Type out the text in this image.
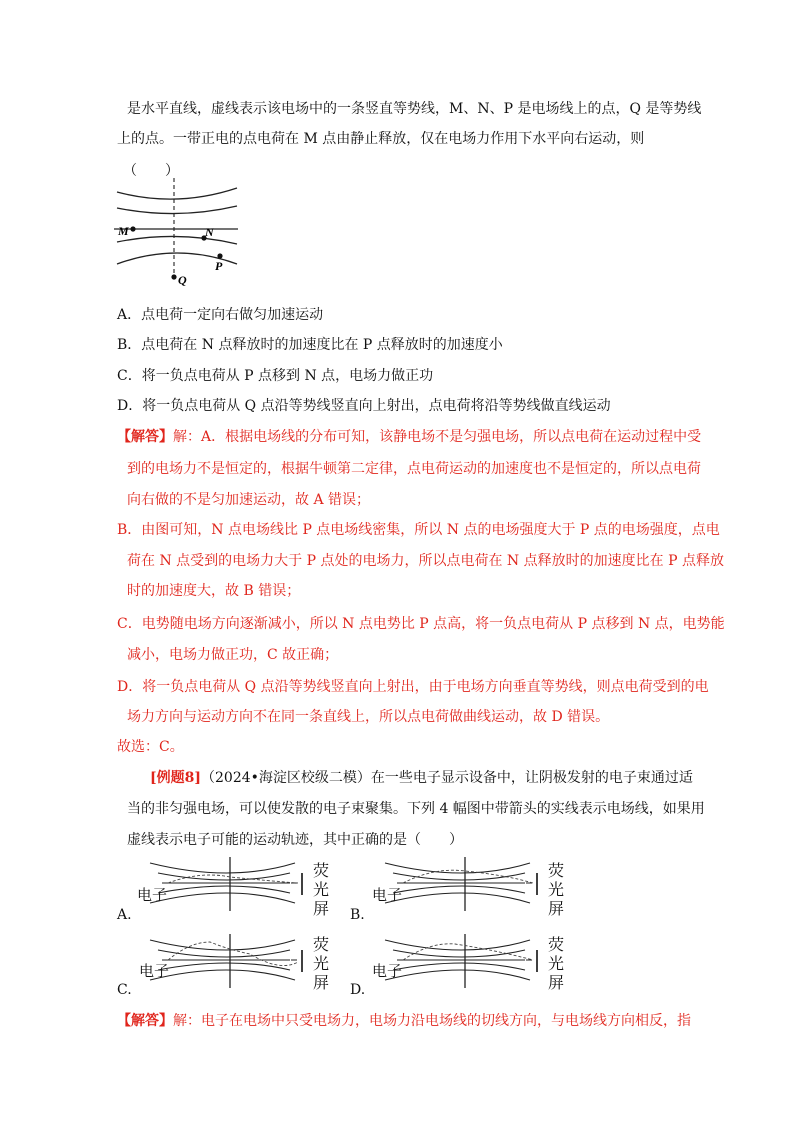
是水平直线，虚线表示该电场中的一条竖直等势线，M、N、P 是电场线上的点，Q 是等势线
上的点。一带正电的点电荷在 M 点由静止释放，仅在电场力作用下水平向右运动，则
（　　）
M	N
P
Q
A．点电荷一定向右做匀加速运动
B．点电荷在 N 点释放时的加速度比在 P 点释放时的加速度小
C．将一负点电荷从 P 点移到 N 点，电场力做正功
D．将一负点电荷从 Q 点沿等势线竖直向上射出，点电荷将沿等势线做直线运动
【解答】解：A．根据电场线的分布可知，该静电场不是匀强电场，所以点电荷在运动过程中受
到的电场力不是恒定的，根据牛顿第二定律，点电荷运动的加速度也不是恒定的，所以点电荷
向右做的不是匀加速运动，故 A 错误；
B．由图可知，N 点电场线比 P 点电场线密集，所以 N 点的电场强度大于 P 点的电场强度，点电
荷在 N 点受到的电场力大于 P 点处的电场力，所以点电荷在 N 点释放时的加速度比在 P 点释放
时的加速度大，故 B 错误；
C．电势随电场方向逐渐减小，所以 N 点电势比 P 点高，将一负点电荷从 P 点移到 N 点，电势能
减小，电场力做正功，C 故正确；
D．将一负点电荷从 Q 点沿等势线竖直向上射出，由于电场方向垂直等势线，则点电荷受到的电
场力方向与运动方向不在同一条直线上，所以点电荷做曲线运动，故 D 错误。
故选：C。
[例题8]（2024•海淀区校级二模）在一些电子显示设备中，让阴极发射的电子束通过适
当的非匀强电场，可以使发散的电子束聚集。下列 4 幅图中带箭头的实线表示电场线，如果用
虚线表示电子可能的运动轨迹，其中正确的是（　　）
电子
荧光屏
A.
电子
荧光屏
B.
电子
荧光屏
C.
电子
荧光屏
D.
【解答】解：电子在电场中只受电场力，电场力沿电场线的切线方向，与电场线方向相反，指
